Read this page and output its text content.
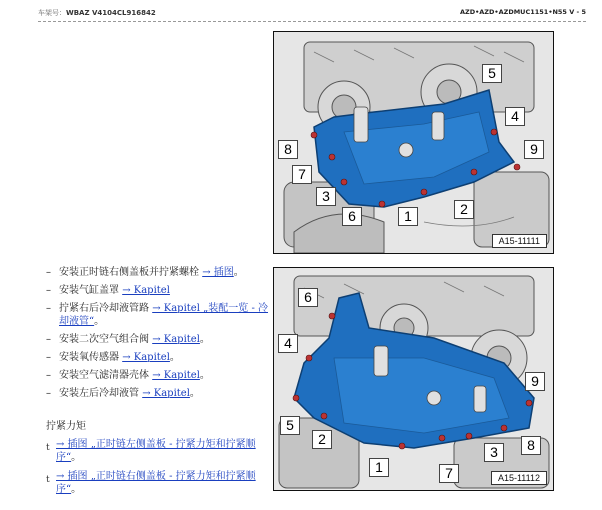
车架号：WBAZ V4104CL916842	AZD•AZD•AZDMUC1151•N55 V - 5
5
4
8	9
7
3
6	1	2
A15-11111
6
4
9
5
2
3	8
1	7	A15-11112
– 安装正时链右侧盖板并拧紧螺栓 → 插图。
– 安装气缸盖罩 → Kapitel
– 拧紧右后冷却液管路 → Kapitel „装配一览 - 冷却液管“。
– 安装二次空气组合阀 → Kapitel。
– 安装氧传感器 → Kapitel。
– 安装空气滤清器壳体 → Kapitel。
– 安装左后冷却液管 → Kapitel。
拧紧力矩
t → 插图 „正时链左侧盖板 - 拧紧力矩和拧紧顺序“。
t → 插图 „正时链右侧盖板 - 拧紧力矩和拧紧顺序“。
